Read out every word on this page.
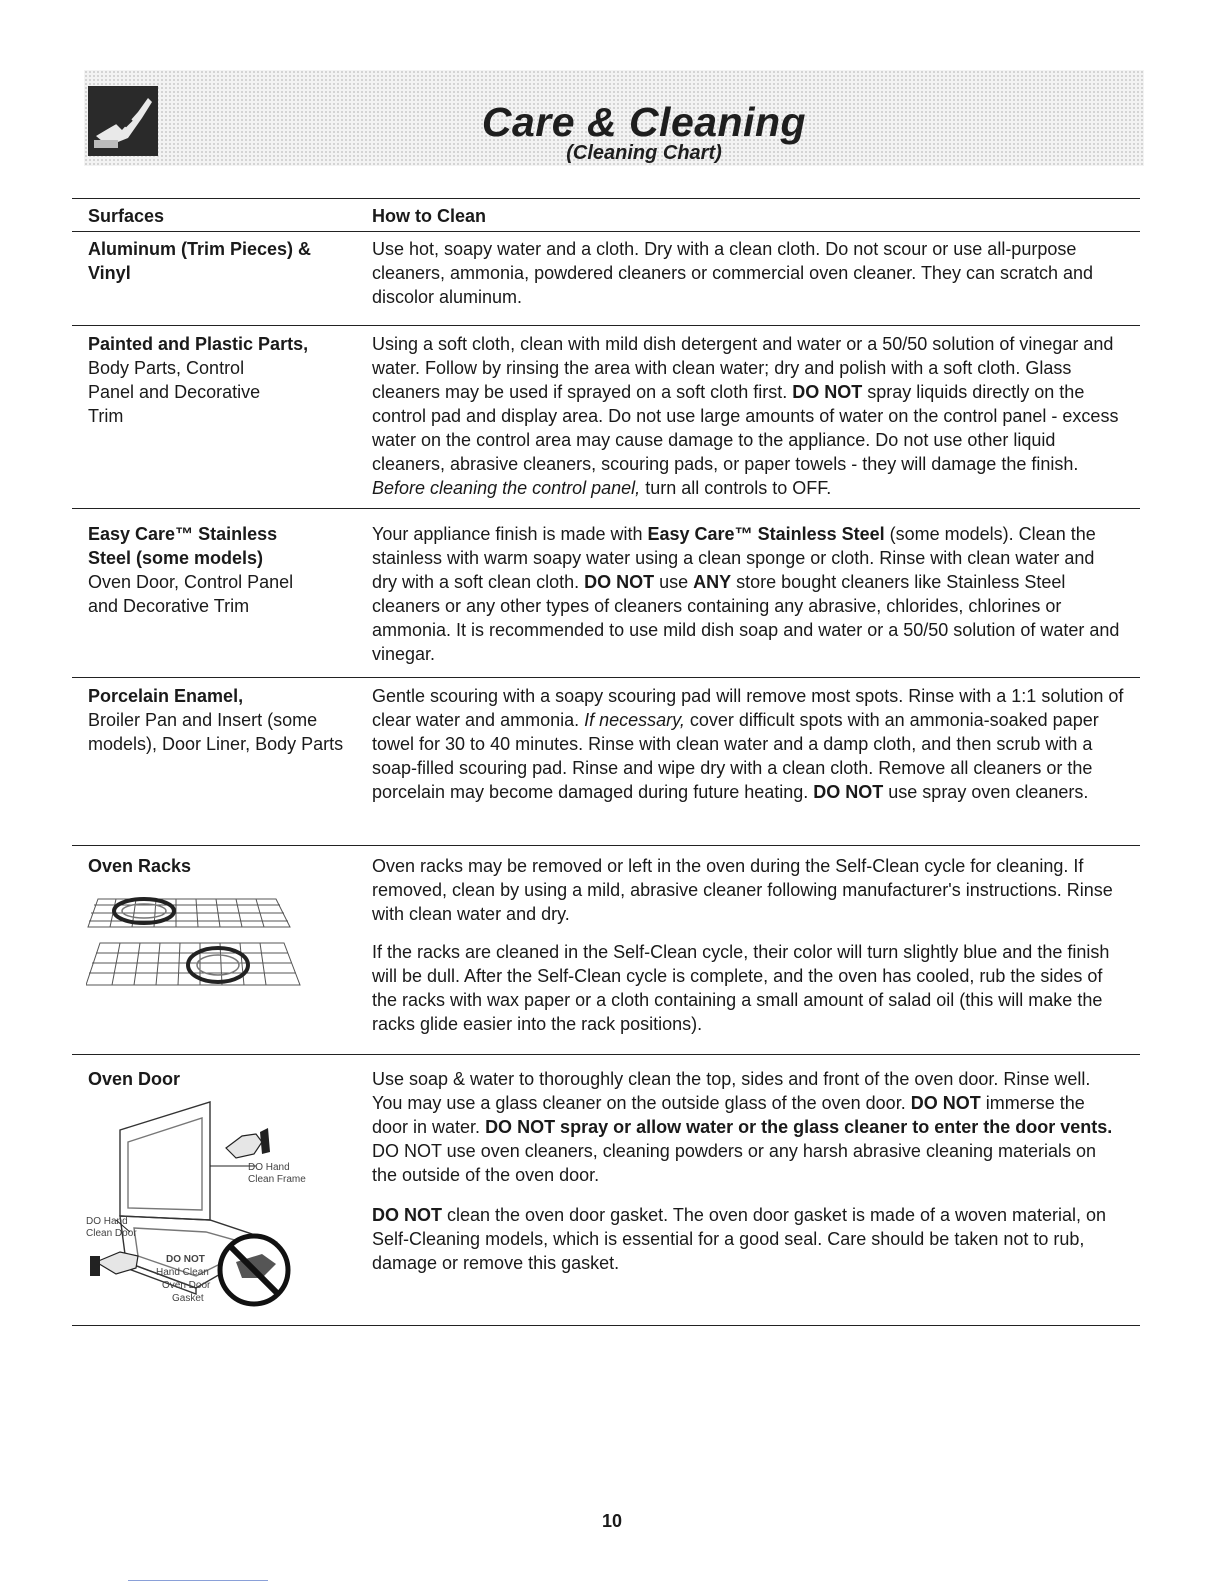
Care & Cleaning
(Cleaning Chart)
Surfaces	How to Clean
Aluminum (Trim Pieces) & Vinyl
Use hot, soapy water and a cloth. Dry with a clean cloth. Do not scour or use all-purpose cleaners, ammonia, powdered cleaners or commercial oven cleaner. They can scratch and discolor aluminum.
Painted and Plastic Parts,
Body Parts, Control Panel and Decorative Trim
Using a soft cloth, clean with mild dish detergent and water or a 50/50 solution of vinegar and water. Follow by rinsing the area with clean water; dry and polish with a soft cloth. Glass cleaners may be used if sprayed on a soft cloth first. DO NOT spray liquids directly on the control pad and display area. Do not use large amounts of water on the control panel - excess water on the control area may cause damage to the appliance. Do not use other liquid cleaners, abrasive cleaners, scouring pads, or paper towels - they will damage the finish. Before cleaning the control panel, turn all controls to OFF.
Easy Care™ Stainless Steel (some models)
Oven Door, Control Panel and Decorative Trim
Your appliance finish is made with Easy Care™ Stainless Steel (some models). Clean the stainless with warm soapy water using a clean sponge or cloth. Rinse with clean water and dry with a soft clean cloth. DO NOT use ANY store bought cleaners like Stainless Steel cleaners or any other types of cleaners containing any abrasive, chlorides, chlorines or ammonia. It is recommended to use mild dish soap and water or a 50/50 solution of water and vinegar.
Porcelain Enamel,
Broiler Pan and Insert (some models), Door Liner, Body Parts
Gentle scouring with a soapy scouring pad will remove most spots. Rinse with a 1:1 solution of clear water and ammonia. If necessary, cover difficult spots with an ammonia-soaked paper towel for 30 to 40 minutes. Rinse with clean water and a damp cloth, and then scrub with a soap-filled scouring pad. Rinse and wipe dry with a clean cloth. Remove all cleaners or the porcelain may become damaged during future heating. DO NOT use spray oven cleaners.
Oven Racks	Oven racks may be removed or left in the oven during the Self-Clean cycle for cleaning. If removed, clean by using a mild, abrasive cleaner following manufacturer's instructions. Rinse with clean water and dry.

If the racks are cleaned in the Self-Clean cycle, their color will turn slightly blue and the finish will be dull. After the Self-Clean cycle is complete, and the oven has cooled, rub the sides of the racks with wax paper or a cloth containing a small amount of salad oil (this will make the racks glide easier into the rack positions).

Oven Door
DO Hand
Clean Frame
DO Hand
Clean Door
DO NOT
Hand Clean
Oven Door
Gasket

Use soap & water to thoroughly clean the top, sides and front of the oven door. Rinse well. You may use a glass cleaner on the outside glass of the oven door. DO NOT immerse the door in water. DO NOT spray or allow water or the glass cleaner to enter the door vents. DO NOT use oven cleaners, cleaning powders or any harsh abrasive cleaning materials on the outside of the oven door.

DO NOT clean the oven door gasket. The oven door gasket is made of a woven material, on Self-Cleaning models, which is essential for a good seal. Care should be taken not to rub, damage or remove this gasket.

10
